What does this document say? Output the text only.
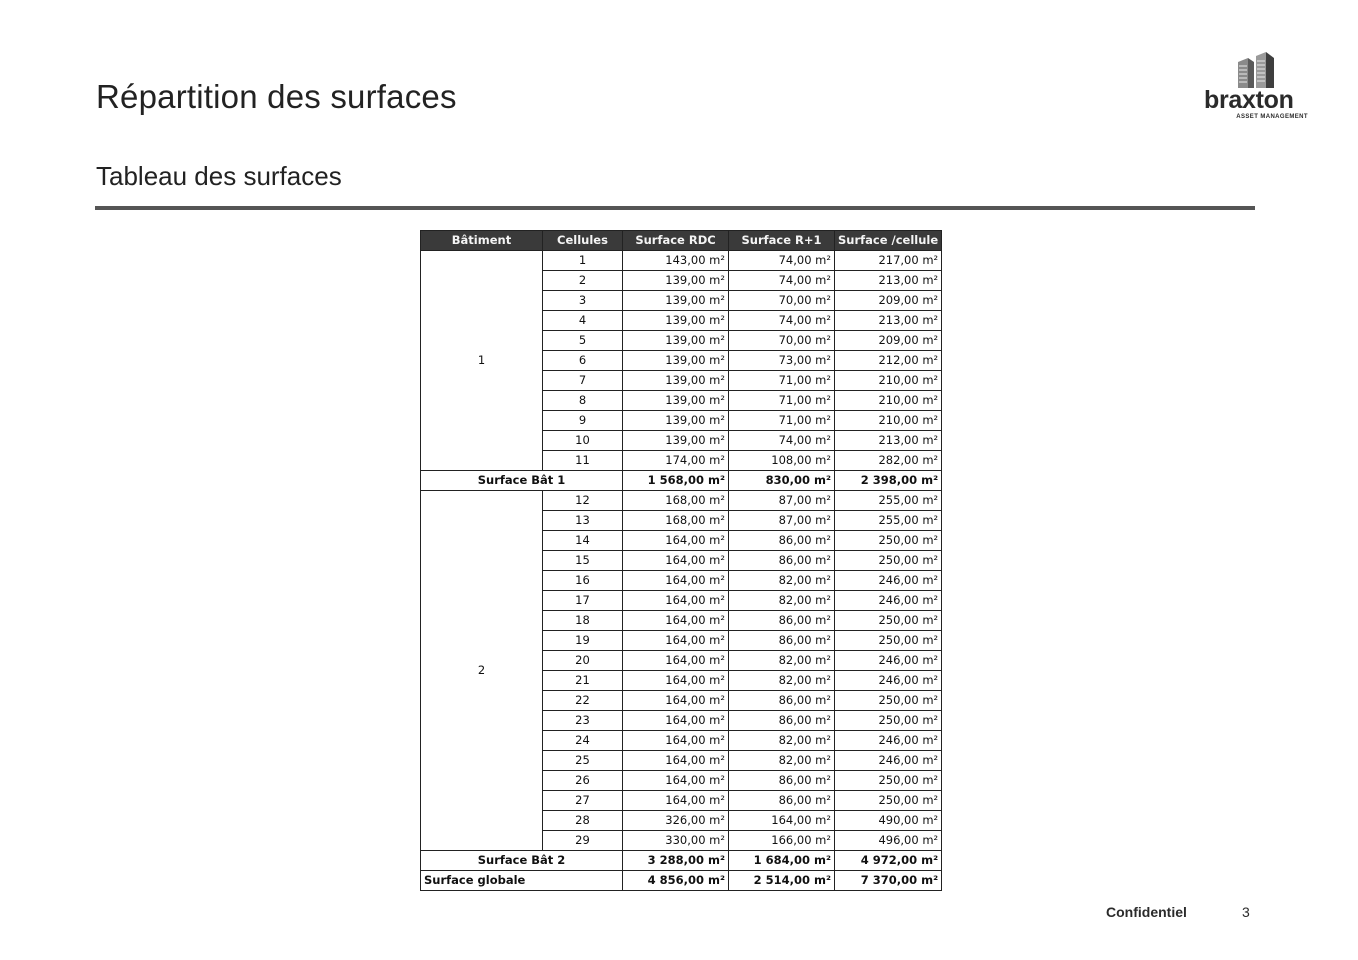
Répartition des surfaces	braxton
ASSET MANAGEMENT
Tableau des surfaces
Bâtiment	Cellules	Surface RDC	Surface R+1	Surface /cellule
1	1	143,00 m²	74,00 m²	217,00 m²
	2	139,00 m²	74,00 m²	213,00 m²
	3	139,00 m²	70,00 m²	209,00 m²
	4	139,00 m²	74,00 m²	213,00 m²
	5	139,00 m²	70,00 m²	209,00 m²
	6	139,00 m²	73,00 m²	212,00 m²
	7	139,00 m²	71,00 m²	210,00 m²
	8	139,00 m²	71,00 m²	210,00 m²
	9	139,00 m²	71,00 m²	210,00 m²
	10	139,00 m²	74,00 m²	213,00 m²
	11	174,00 m²	108,00 m²	282,00 m²
Surface Bât 1		1 568,00 m²	830,00 m²	2 398,00 m²
2	12	168,00 m²	87,00 m²	255,00 m²
	13	168,00 m²	87,00 m²	255,00 m²
	14	164,00 m²	86,00 m²	250,00 m²
	15	164,00 m²	86,00 m²	250,00 m²
	16	164,00 m²	82,00 m²	246,00 m²
	17	164,00 m²	82,00 m²	246,00 m²
	18	164,00 m²	86,00 m²	250,00 m²
	19	164,00 m²	86,00 m²	250,00 m²
	20	164,00 m²	82,00 m²	246,00 m²
	21	164,00 m²	82,00 m²	246,00 m²
	22	164,00 m²	86,00 m²	250,00 m²
	23	164,00 m²	86,00 m²	250,00 m²
	24	164,00 m²	82,00 m²	246,00 m²
	25	164,00 m²	82,00 m²	246,00 m²
	26	164,00 m²	86,00 m²	250,00 m²
	27	164,00 m²	86,00 m²	250,00 m²
	28	326,00 m²	164,00 m²	490,00 m²
	29	330,00 m²	166,00 m²	496,00 m²
Surface Bât 2		3 288,00 m²	1 684,00 m²	4 972,00 m²
Surface globale		4 856,00 m²	2 514,00 m²	7 370,00 m²
Confidentiel	3
